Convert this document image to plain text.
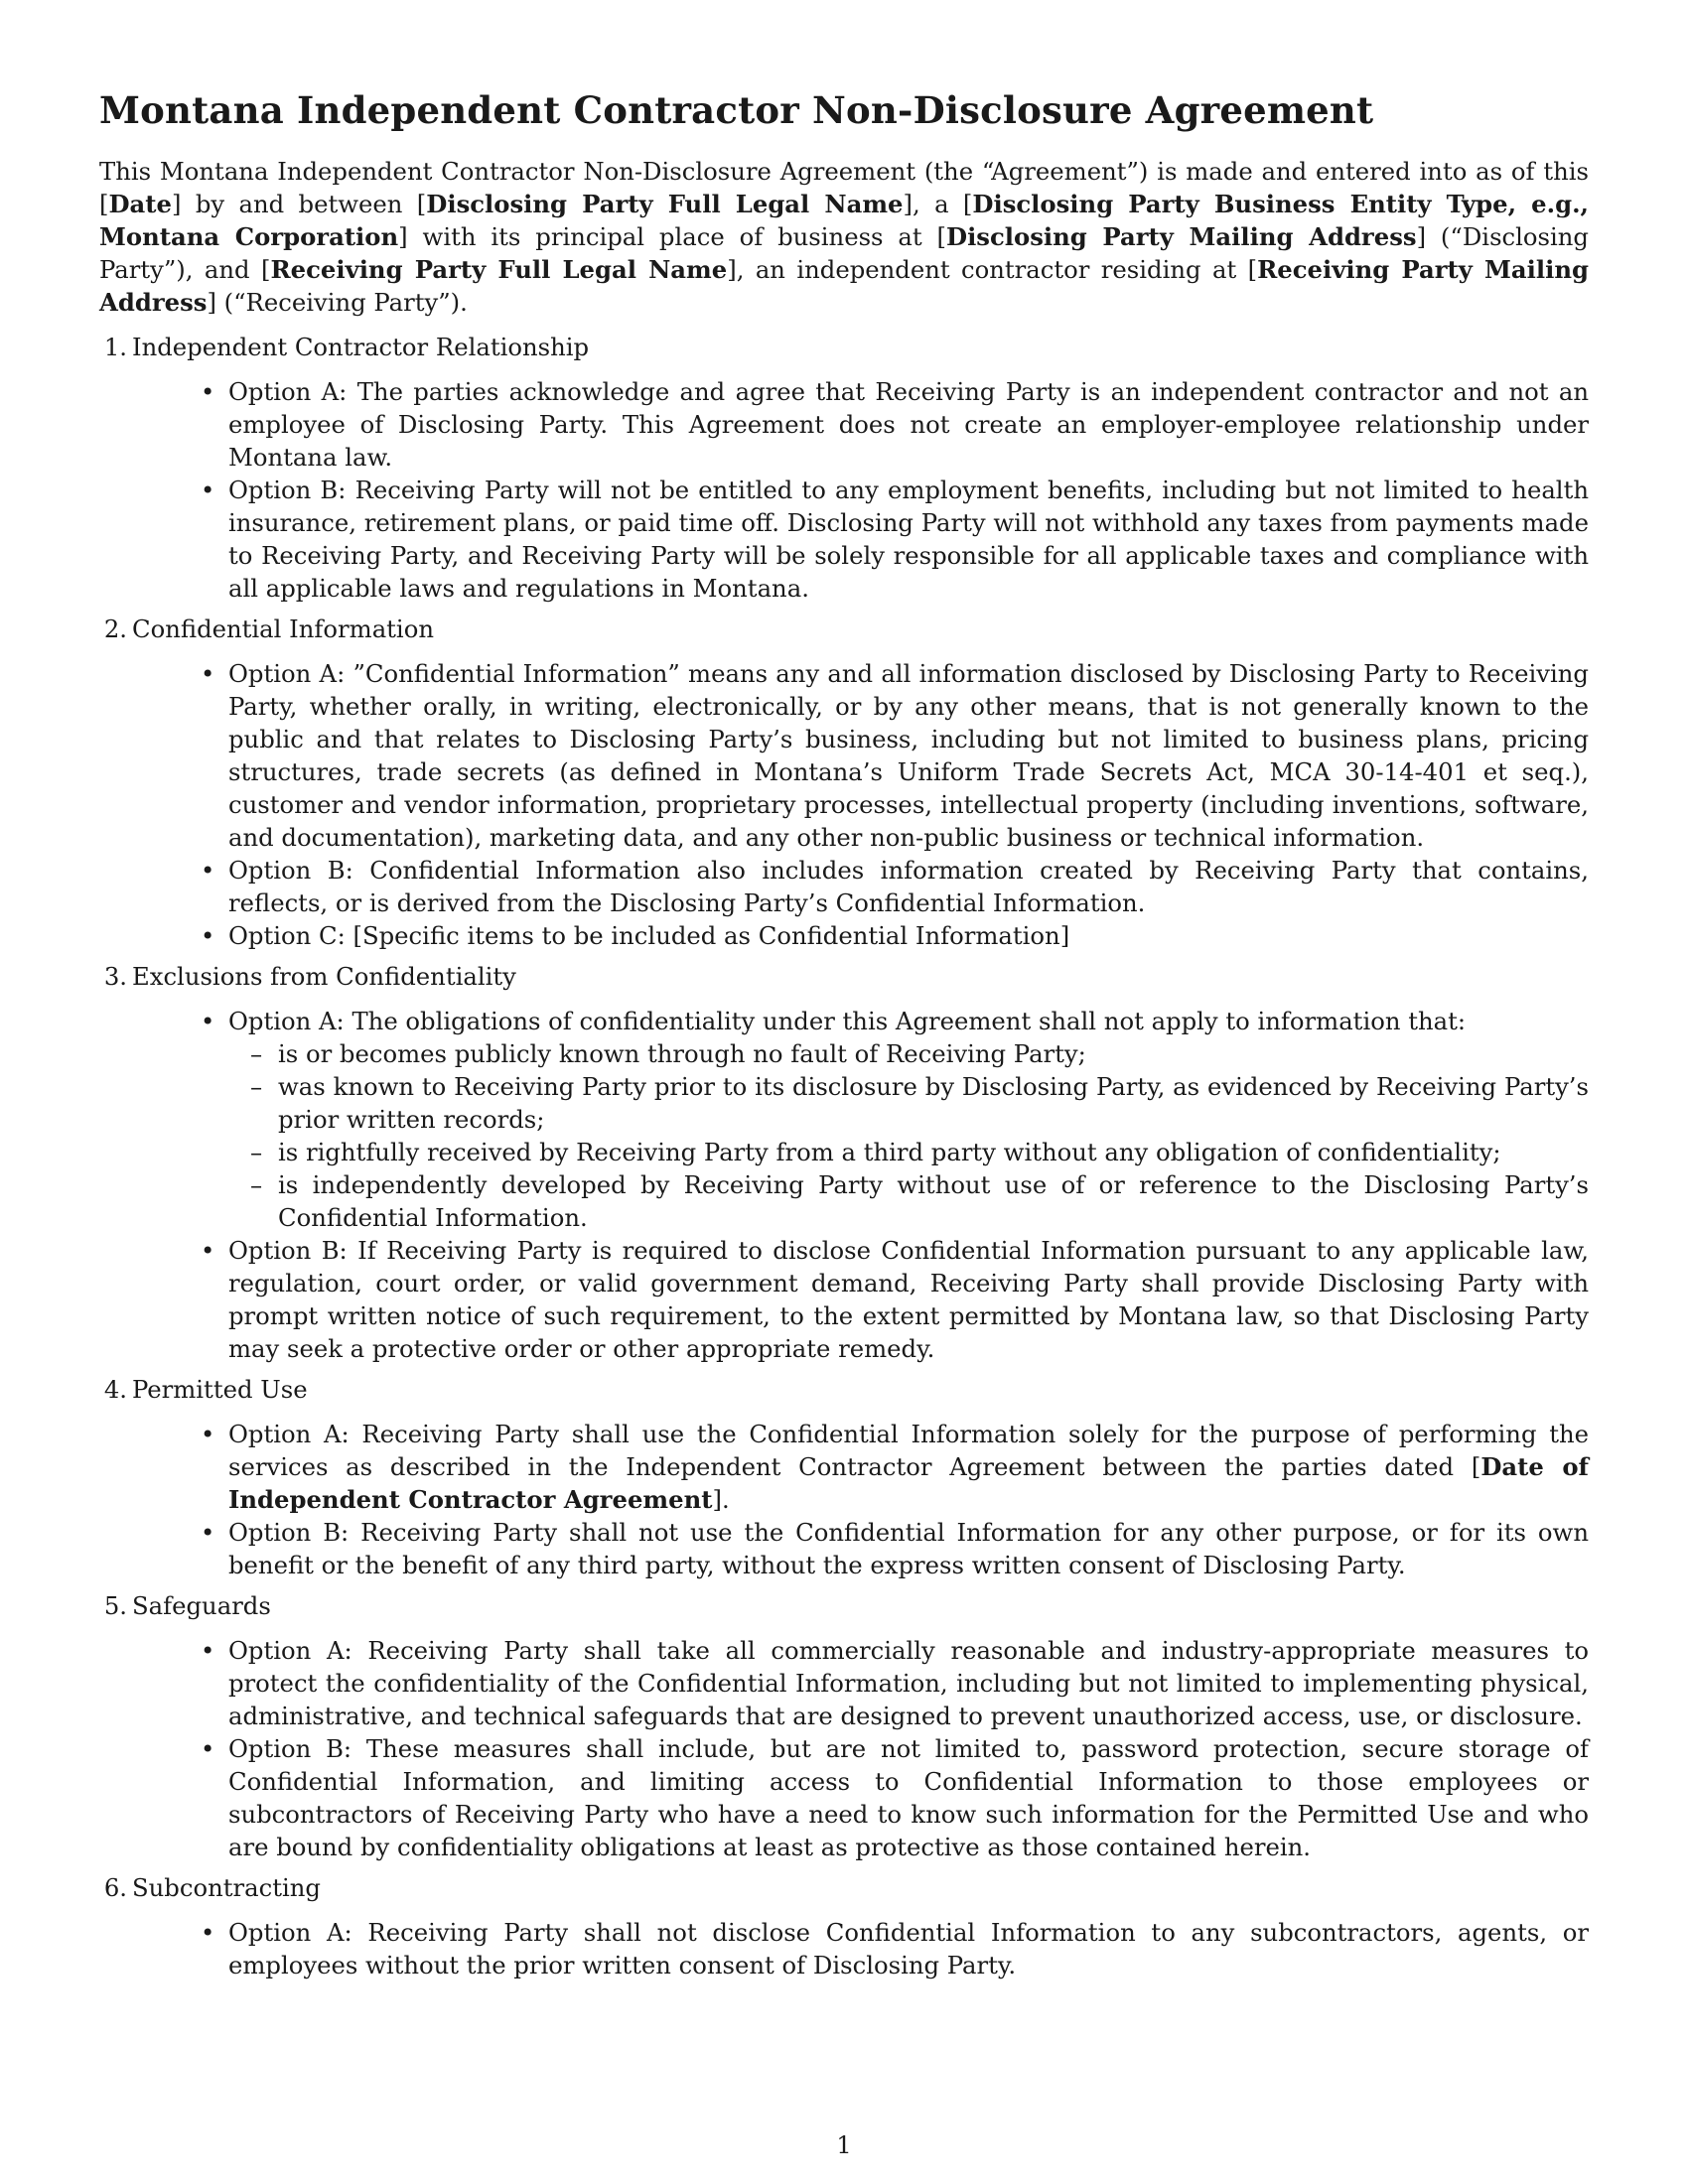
Montana Independent Contractor Non-Disclosure Agreement

This Montana Independent Contractor Non-Disclosure Agreement (the “Agreement”) is made and entered into as of this [Date] by and between [Disclosing Party Full Legal Name], a [Disclosing Party Business Entity Type, e.g., Montana Corporation] with its principal place of business at [Disclosing Party Mailing Address] (“Disclosing Party”), and [Receiving Party Full Legal Name], an independent contractor residing at [Receiving Party Mailing Address] (“Receiving Party”).

1. Independent Contractor Relationship
• Option A: The parties acknowledge and agree that Receiving Party is an independent contractor and not an employee of Disclosing Party. This Agreement does not create an employer-employee relationship under Montana law.
• Option B: Receiving Party will not be entitled to any employment benefits, including but not limited to health insurance, retirement plans, or paid time off. Disclosing Party will not withhold any taxes from payments made to Receiving Party, and Receiving Party will be solely responsible for all applicable taxes and compliance with all applicable laws and regulations in Montana.
2. Confidential Information
• Option A: ”Confidential Information” means any and all information disclosed by Disclosing Party to Receiving Party, whether orally, in writing, electronically, or by any other means, that is not generally known to the public and that relates to Disclosing Party’s business, including but not limited to business plans, pricing structures, trade secrets (as defined in Montana’s Uniform Trade Secrets Act, MCA 30-14-401 et seq.), customer and vendor information, proprietary processes, intellectual property (including inventions, software, and documentation), marketing data, and any other non-public business or technical information.
• Option B: Confidential Information also includes information created by Receiving Party that contains, reflects, or is derived from the Disclosing Party’s Confidential Information.
• Option C: [Specific items to be included as Confidential Information]
3. Exclusions from Confidentiality
• Option A: The obligations of confidentiality under this Agreement shall not apply to information that:
– is or becomes publicly known through no fault of Receiving Party;
– was known to Receiving Party prior to its disclosure by Disclosing Party, as evidenced by Receiving Party’s prior written records;
– is rightfully received by Receiving Party from a third party without any obligation of confidentiality;
– is independently developed by Receiving Party without use of or reference to the Disclosing Party’s Confidential Information.
• Option B: If Receiving Party is required to disclose Confidential Information pursuant to any applicable law, regulation, court order, or valid government demand, Receiving Party shall provide Disclosing Party with prompt written notice of such requirement, to the extent permitted by Montana law, so that Disclosing Party may seek a protective order or other appropriate remedy.
4. Permitted Use
• Option A: Receiving Party shall use the Confidential Information solely for the purpose of performing the services as described in the Independent Contractor Agreement between the parties dated [Date of Independent Contractor Agreement].
• Option B: Receiving Party shall not use the Confidential Information for any other purpose, or for its own benefit or the benefit of any third party, without the express written consent of Disclosing Party.
5. Safeguards
• Option A: Receiving Party shall take all commercially reasonable and industry-appropriate measures to protect the confidentiality of the Confidential Information, including but not limited to implementing physical, administrative, and technical safeguards that are designed to prevent unauthorized access, use, or disclosure.
• Option B: These measures shall include, but are not limited to, password protection, secure storage of Confidential Information, and limiting access to Confidential Information to those employees or subcontractors of Receiving Party who have a need to know such information for the Permitted Use and who are bound by confidentiality obligations at least as protective as those contained herein.
6. Subcontracting
• Option A: Receiving Party shall not disclose Confidential Information to any subcontractors, agents, or employees without the prior written consent of Disclosing Party.
1
